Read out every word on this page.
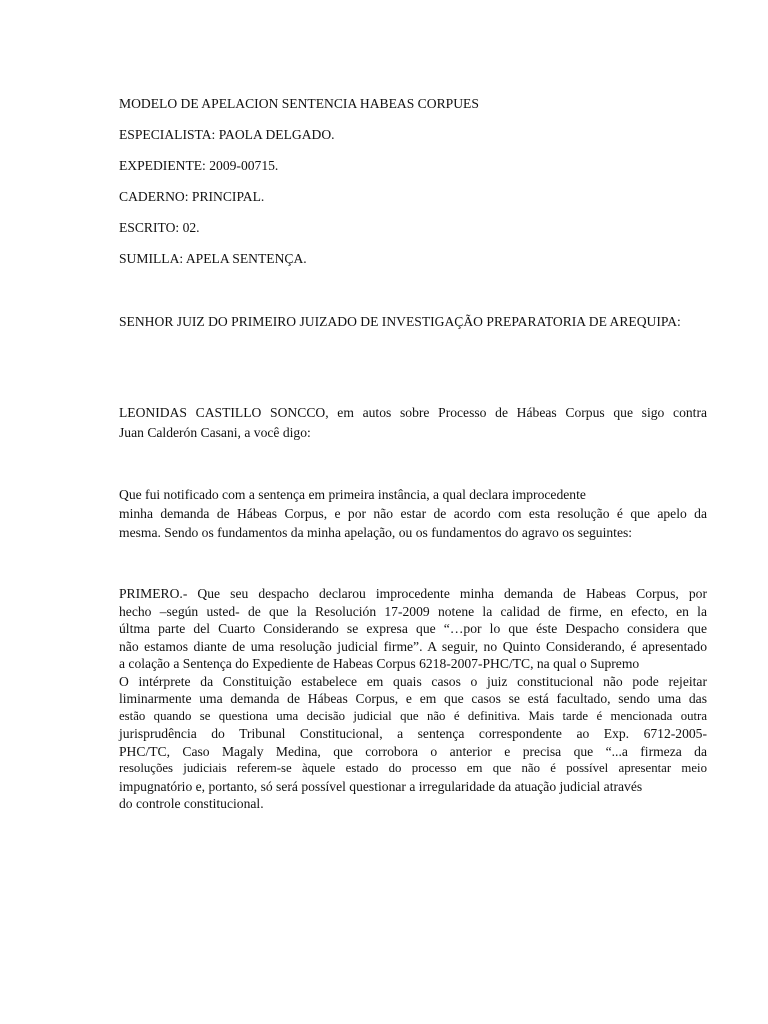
MODELO DE APELACION SENTENCIA HABEAS CORPUES

ESPECIALISTA: PAOLA DELGADO.

EXPEDIENTE: 2009-00715.

CADERNO: PRINCIPAL.

ESCRITO: 02.

SUMILLA: APELA SENTENÇA.

SENHOR JUIZ DO PRIMEIRO JUIZADO DE INVESTIGAÇÃO PREPARATORIA DE AREQUIPA:

LEONIDAS CASTILLO SONCCO, em autos sobre Processo de Hábeas Corpus que sigo contra
Juan Calderón Casani, a você digo:
Que fui notificado com a sentença em primeira instância, a qual declara improcedente
minha demanda de Hábeas Corpus, e por não estar de acordo com esta resolução é que apelo da
mesma. Sendo os fundamentos da minha apelação, ou os fundamentos do agravo os seguintes:
PRIMERO.- Que seu despacho declarou improcedente minha demanda de Habeas Corpus, por
hecho –según usted- de que la Resolución 17-2009 notene la calidad de firme, en efecto, en la
últma parte del Cuarto Considerando se expresa que “…por lo que éste Despacho considera que
não estamos diante de uma resolução judicial firme”. A seguir, no Quinto Considerando, é apresentado
a colação a Sentença do Expediente de Habeas Corpus 6218-2007-PHC/TC, na qual o Supremo
O intérprete da Constituição estabelece em quais casos o juiz constitucional não pode rejeitar
liminarmente uma demanda de Hábeas Corpus, e em que casos se está facultado, sendo uma das
estão quando se questiona uma decisão judicial que não é definitiva. Mais tarde é mencionada outra
jurisprudência do Tribunal Constitucional, a sentença correspondente ao Exp. 6712-2005-
PHC/TC, Caso Magaly Medina, que corrobora o anterior e precisa que “...a firmeza da
resoluções judiciais referem-se àquele estado do processo em que não é possível apresentar meio
impugnatório e, portanto, só será possível questionar a irregularidade da atuação judicial através
do controle constitucional.
